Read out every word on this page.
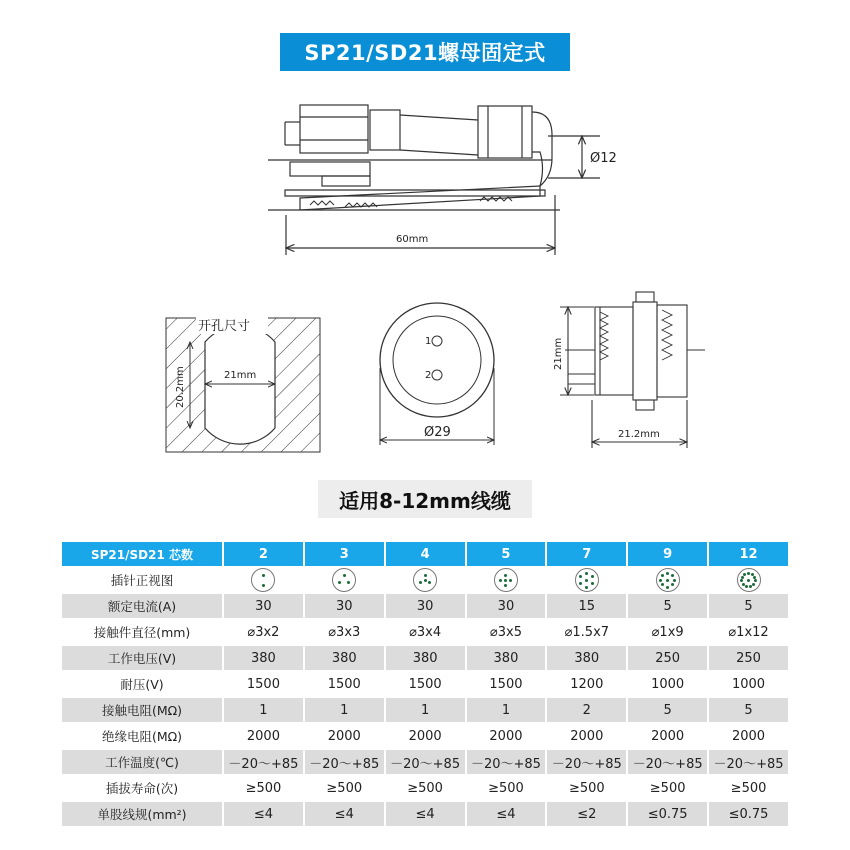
SP21/SD21螺母固定式
Ø12
60mm
开孔尺寸
21mm
20.2mm
1
2
Ø29
21mm
21.2mm
适用8-12mm线缆
SP21/SD21 芯数	2	3	4	5	7	9	12
插针正视图	

额定电流(A)	30	30	30	30	15	5	5
接触件直径(mm)	⌀3x2	⌀3x3	⌀3x4	⌀3x5	⌀1.5x7	⌀1x9	⌀1x12
工作电压(V)	380	380	380	380	380	250	250
耐压(V)	1500	1500	1500	1500	1200	1000	1000
接触电阻(MΩ)	1	1	1	1	2	5	5
绝缘电阻(MΩ)	2000	2000	2000	2000	2000	2000	2000
工作温度(℃)	－20～+85	－20～+85	－20～+85	－20～+85	－20～+85	－20～+85	－20～+85
插拔寿命(次)	≥500	≥500	≥500	≥500	≥500	≥500	≥500
单股线规(mm²)	≤4	≤4	≤4	≤4	≤2	≤0.75	≤0.75
